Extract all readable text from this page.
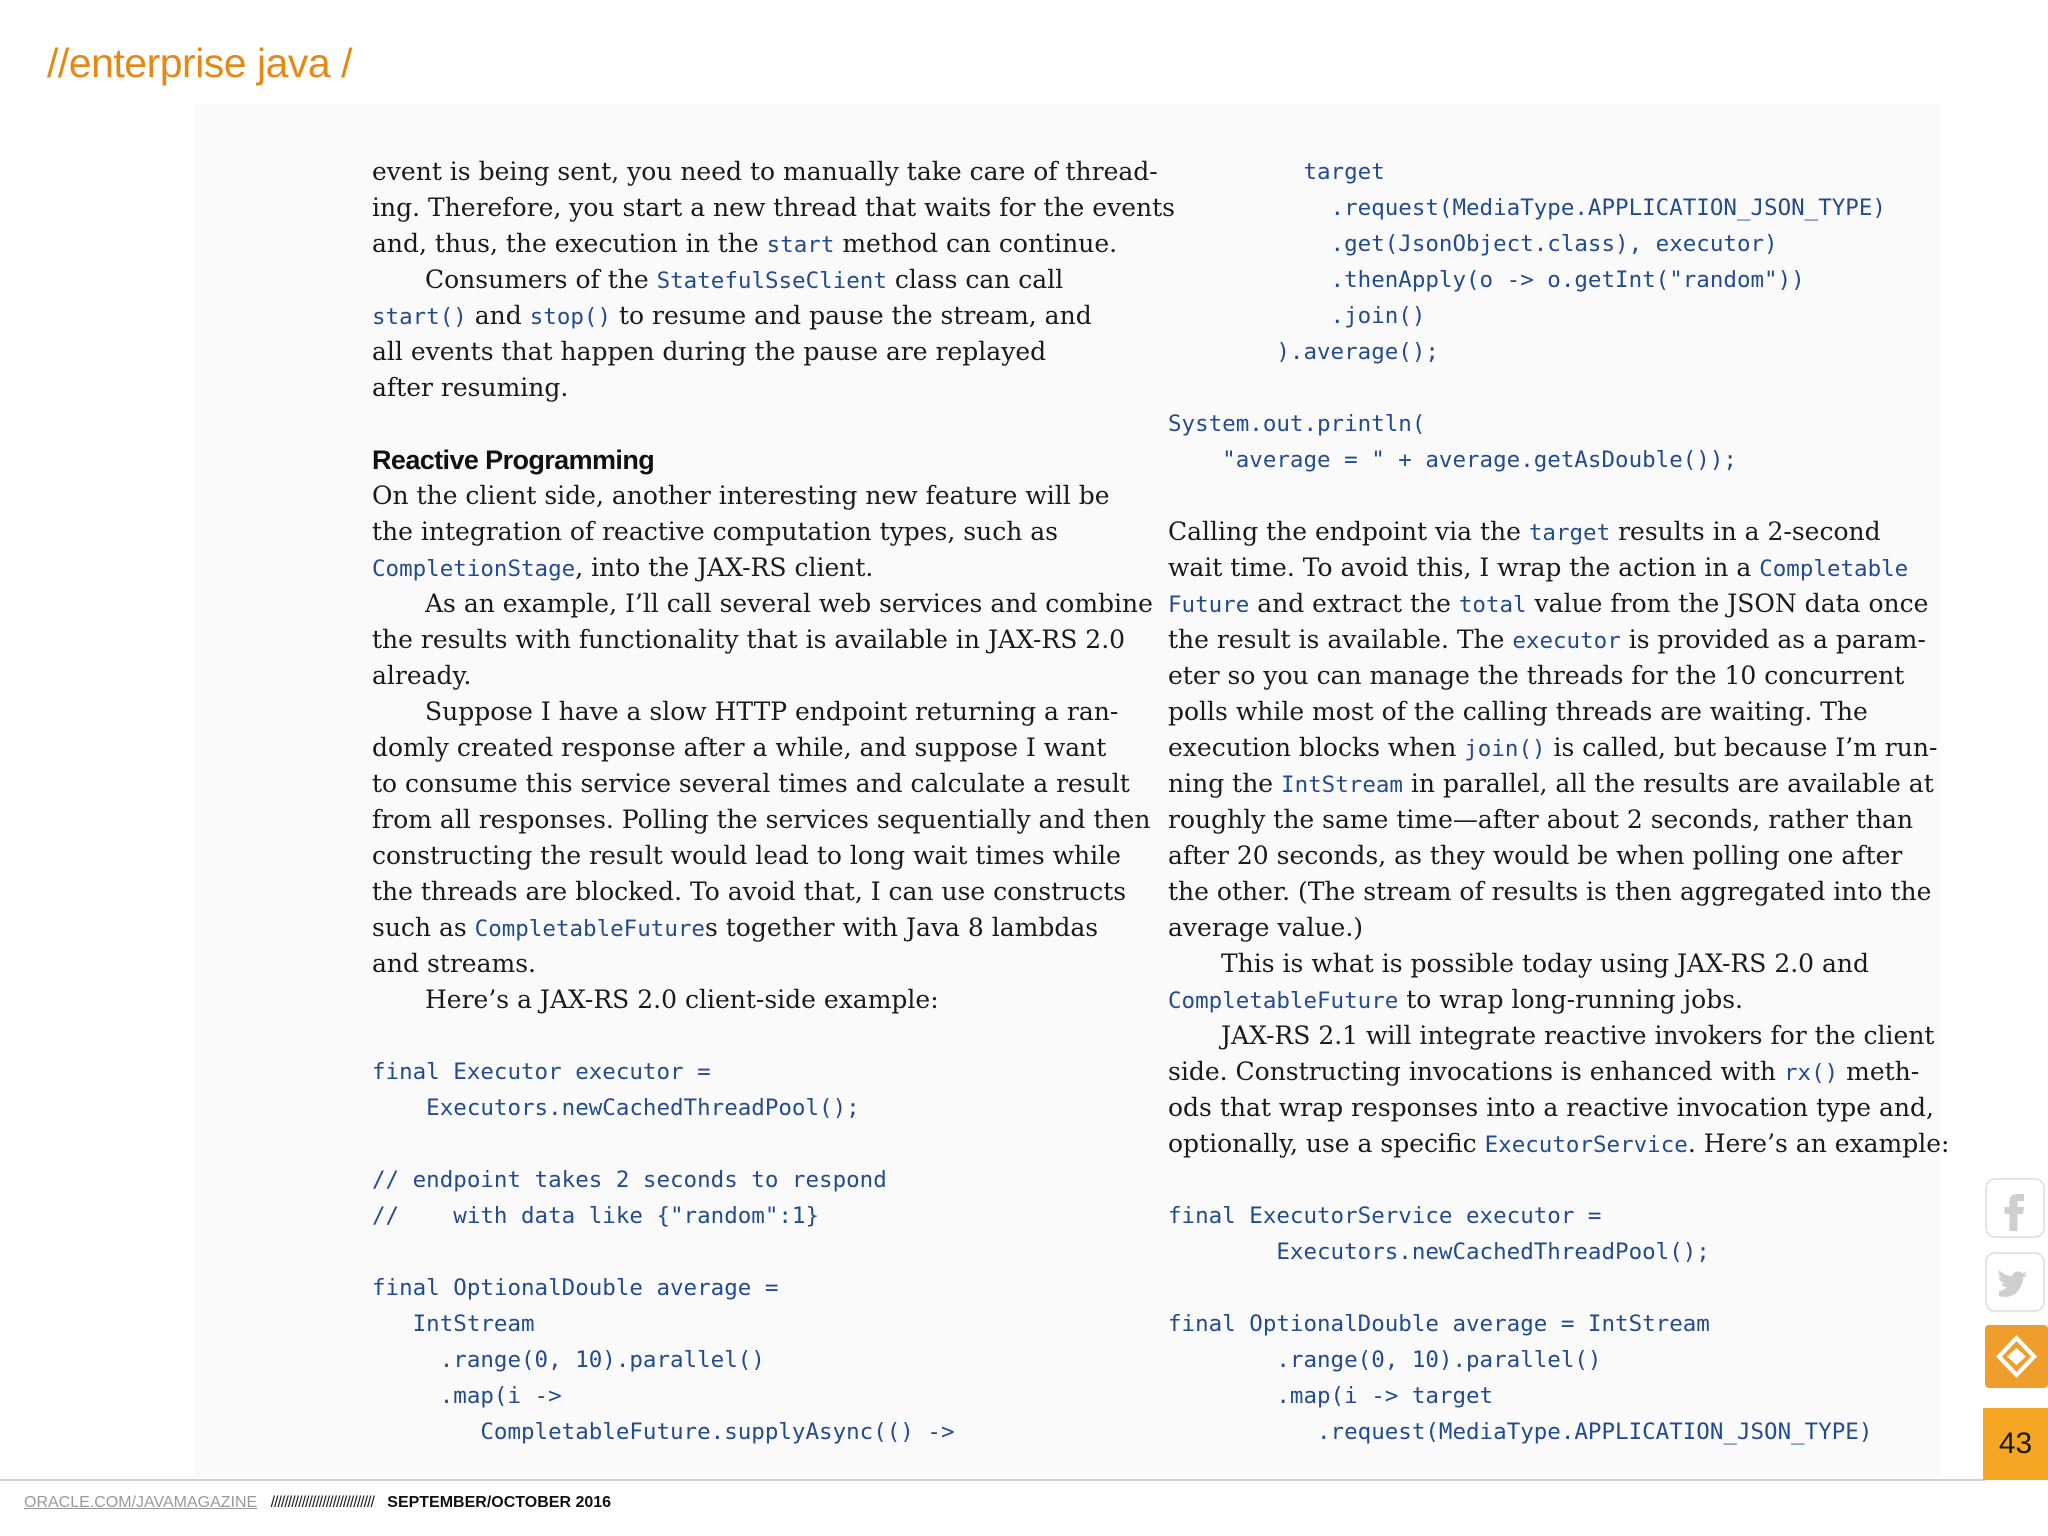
//enterprise java /

event is being sent, you need to manually take care of thread-

ing. Therefore, you start a new thread that waits for the events

and, thus, the execution in the start method can continue.

Consumers of the StatefulSseClient class can call

start() and stop() to resume and pause the stream, and

all events that happen during the pause are replayed

after resuming.

Reactive Programming

On the client side, another interesting new feature will be

the integration of reactive computation types, such as

CompletionStage, into the JAX-RS client.

As an example, I’ll call several web services and combine

the results with functionality that is available in JAX-RS 2.0

already.

Suppose I have a slow HTTP endpoint returning a ran-

domly created response after a while, and suppose I want

to consume this service several times and calculate a result

from all responses. Polling the services sequentially and then

constructing the result would lead to long wait times while

the threads are blocked. To avoid that, I can use constructs

such as CompletableFutures together with Java 8 lambdas

and streams.

Here’s a JAX-RS 2.0 client-side example:

final Executor executor =

Executors.newCachedThreadPool();

// endpoint takes 2 seconds to respond

//    with data like {"random":1}

final OptionalDouble average =

IntStream

.range(0, 10).parallel()

.map(i ->

CompletableFuture.supplyAsync(() ->

target

.request(MediaType.APPLICATION_JSON_TYPE)

.get(JsonObject.class), executor)

.thenApply(o -> o.getInt("random"))

.join()

).average();

System.out.println(

"average = " + average.getAsDouble());

Calling the endpoint via the target results in a 2-second

wait time. To avoid this, I wrap the action in a Completable

Future and extract the total value from the JSON data once

the result is available. The executor is provided as a param-

eter so you can manage the threads for the 10 concurrent

polls while most of the calling threads are waiting. The

execution blocks when join() is called, but because I’m run-

ning the IntStream in parallel, all the results are available at

roughly the same time—after about 2 seconds, rather than

after 20 seconds, as they would be when polling one after

the other. (The stream of results is then aggregated into the

average value.)

This is what is possible today using JAX-RS 2.0 and

CompletableFuture to wrap long-running jobs.

JAX-RS 2.1 will integrate reactive invokers for the client

side. Constructing invocations is enhanced with rx() meth-

ods that wrap responses into a reactive invocation type and,

optionally, use a specific ExecutorService. Here’s an example:

final ExecutorService executor =

Executors.newCachedThreadPool();

final OptionalDouble average = IntStream

.range(0, 10).parallel()

.map(i -> target

.request(MediaType.APPLICATION_JSON_TYPE)

ORACLE.COM/JAVAMAGAZINE ////////////////////////////// SEPTEMBER/OCTOBER 2016
43
